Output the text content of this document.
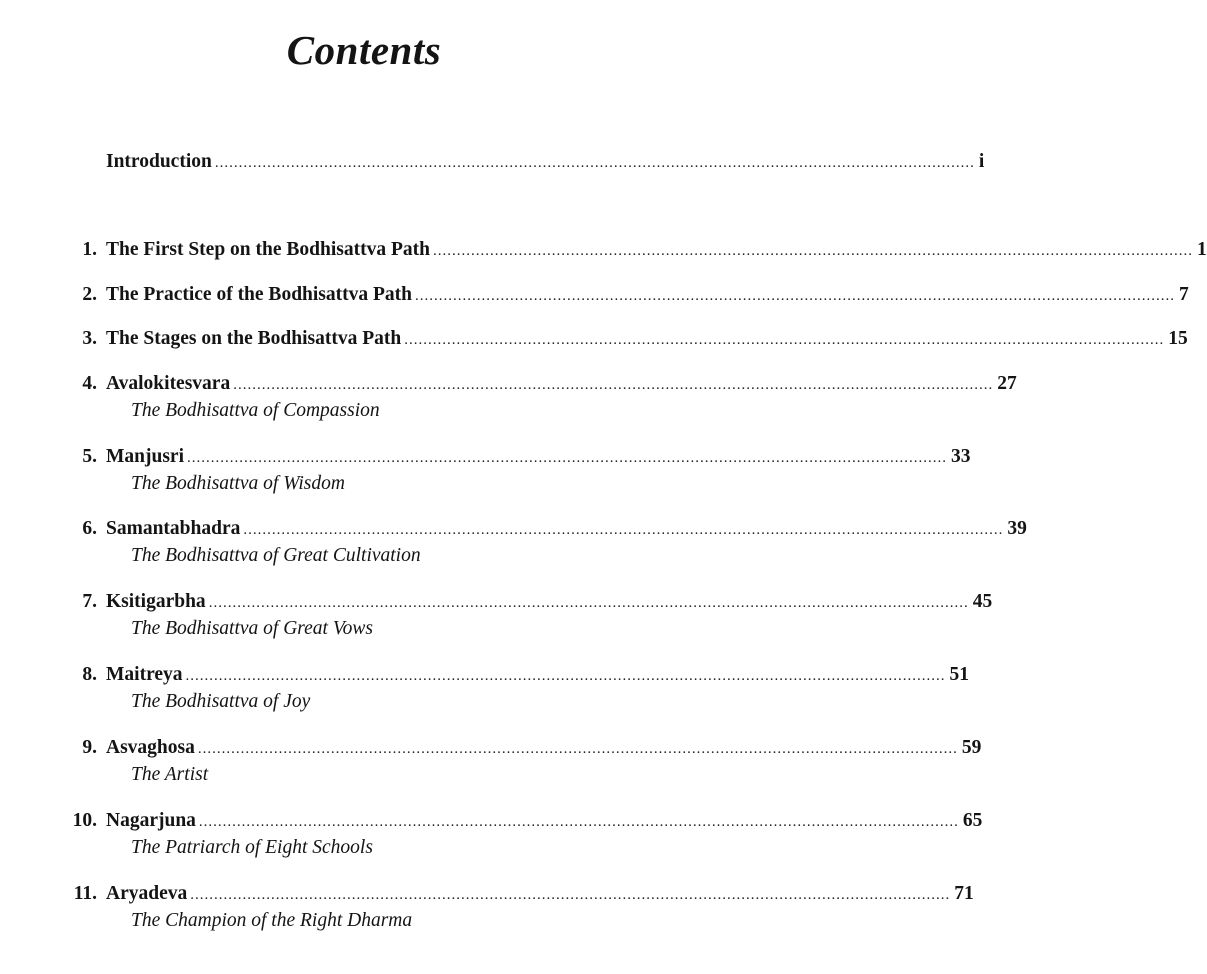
Contents
Introduction ................................................................................................................................................................ i
1. The First Step on the Bodhisattva Path ................................................................................................................................................................ 1
2. The Practice of the Bodhisattva Path ................................................................................................................................................................ 7
3. The Stages on the Bodhisattva Path ................................................................................................................................................................ 15
4. Avalokitesvara ................................................................................................................................................................ 27
The Bodhisattva of Compassion
5. Manjusri ................................................................................................................................................................ 33
The Bodhisattva of Wisdom
6. Samantabhadra ................................................................................................................................................................ 39
The Bodhisattva of Great Cultivation
7. Ksitigarbha ................................................................................................................................................................ 45
The Bodhisattva of Great Vows
8. Maitreya ................................................................................................................................................................ 51
The Bodhisattva of Joy
9. Asvaghosa ................................................................................................................................................................ 59
The Artist
10. Nagarjuna ................................................................................................................................................................ 65
The Patriarch of Eight Schools
11. Aryadeva ................................................................................................................................................................ 71
The Champion of the Right Dharma
